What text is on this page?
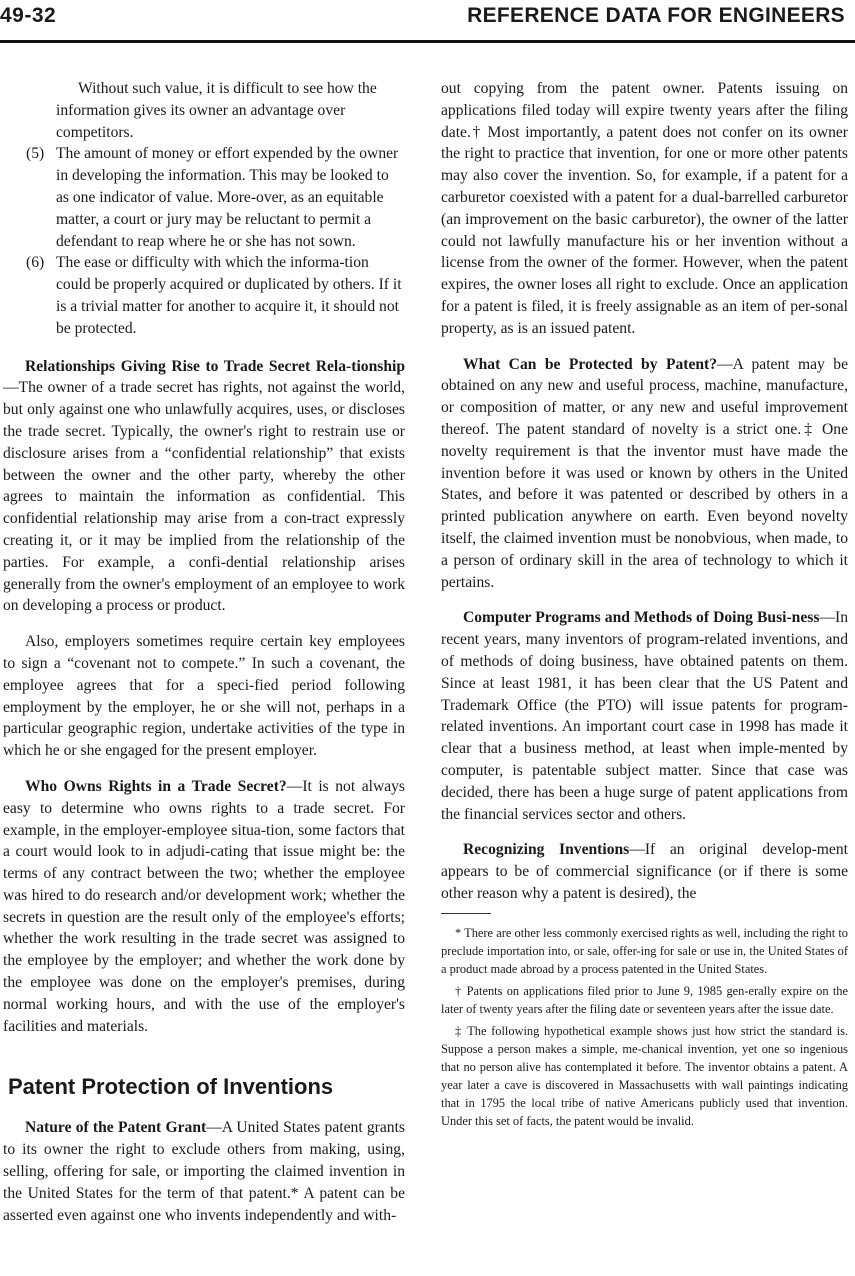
49-32	REFERENCE DATA FOR ENGINEERS

Without such value, it is difficult to see how the information gives its owner an advantage over competitors.

(5) The amount of money or effort expended by the owner in developing the information. This may be looked to as one indicator of value. More-over, as an equitable matter, a court or jury may be reluctant to permit a defendant to reap where he or she has not sown.
(6) The ease or difficulty with which the informa-tion could be properly acquired or duplicated by others. If it is a trivial matter for another to acquire it, it should not be protected.

Relationships Giving Rise to Trade Secret Rela-tionship—The owner of a trade secret has rights, not against the world, but only against one who unlawfully acquires, uses, or discloses the trade secret. Typically, the owner's right to restrain use or disclosure arises from a “confidential relationship” that exists between the owner and the other party, whereby the other agrees to maintain the information as confidential. This confidential relationship may arise from a con-tract expressly creating it, or it may be implied from the relationship of the parties. For example, a confi-dential relationship arises generally from the owner's employment of an employee to work on developing a process or product.

Also, employers sometimes require certain key employees to sign a “covenant not to compete.” In such a covenant, the employee agrees that for a speci-fied period following employment by the employer, he or she will not, perhaps in a particular geographic region, undertake activities of the type in which he or she engaged for the present employer.

Who Owns Rights in a Trade Secret?—It is not always easy to determine who owns rights to a trade secret. For example, in the employer-employee situa-tion, some factors that a court would look to in adjudi-cating that issue might be: the terms of any contract between the two; whether the employee was hired to do research and/or development work; whether the secrets in question are the result only of the employee's efforts; whether the work resulting in the trade secret was assigned to the employee by the employer; and whether the work done by the employee was done on the employer's premises, during normal working hours, and with the use of the employer's facilities and materials.

Patent Protection of Inventions

Nature of the Patent Grant—A United States patent grants to its owner the right to exclude others from making, using, selling, offering for sale, or importing the claimed invention in the United States for the term of that patent.* A patent can be asserted even against one who invents independently and with-

out copying from the patent owner. Patents issuing on applications filed today will expire twenty years after the filing date.† Most importantly, a patent does not confer on its owner the right to practice that invention, for one or more other patents may also cover the invention. So, for example, if a patent for a carburetor coexisted with a patent for a dual-barrelled carburetor (an improvement on the basic carburetor), the owner of the latter could not lawfully manufacture his or her invention without a license from the owner of the former. However, when the patent expires, the owner loses all right to exclude. Once an application for a patent is filed, it is freely assignable as an item of per-sonal property, as is an issued patent.

What Can be Protected by Patent?—A patent may be obtained on any new and useful process, machine, manufacture, or composition of matter, or any new and useful improvement thereof. The patent standard of novelty is a strict one.‡ One novelty requirement is that the inventor must have made the invention before it was used or known by others in the United States, and before it was patented or described by others in a printed publication anywhere on earth. Even beyond novelty itself, the claimed invention must be nonobvious, when made, to a person of ordinary skill in the area of technology to which it pertains.

Computer Programs and Methods of Doing Busi-ness—In recent years, many inventors of program-related inventions, and of methods of doing business, have obtained patents on them. Since at least 1981, it has been clear that the US Patent and Trademark Office (the PTO) will issue patents for program-related inventions. An important court case in 1998 has made it clear that a business method, at least when imple-mented by computer, is patentable subject matter. Since that case was decided, there has been a huge surge of patent applications from the financial services sector and others.

Recognizing Inventions—If an original develop-ment appears to be of commercial significance (or if there is some other reason why a patent is desired), the

* There are other less commonly exercised rights as well, including the right to preclude importation into, or sale, offer-ing for sale or use in, the United States of a product made abroad by a process patented in the United States.

† Patents on applications filed prior to June 9, 1985 gen-erally expire on the later of twenty years after the filing date or seventeen years after the issue date.

‡ The following hypothetical example shows just how strict the standard is. Suppose a person makes a simple, me-chanical invention, yet one so ingenious that no person alive has contemplated it before. The inventor obtains a patent. A year later a cave is discovered in Massachusetts with wall paintings indicating that in 1795 the local tribe of native Americans publicly used that invention. Under this set of facts, the patent would be invalid.
